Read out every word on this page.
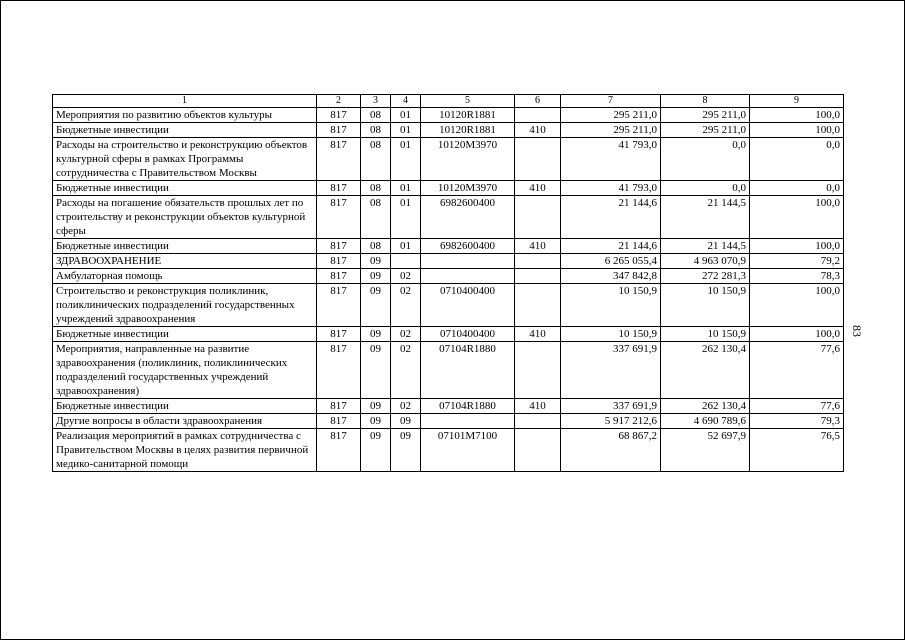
83
1	2	3	4	5	6	7	8	9
Мероприятия по развитию объектов культуры	817	08	01	10120R1881		295 211,0	295 211,0	100,0
Бюджетные инвестиции	817	08	01	10120R1881	410	295 211,0	295 211,0	100,0
Расходы на строительство и реконструкцию объектов культурной сферы в рамках Программы сотрудничества с Правительством Москвы	817	08	01	10120М3970		41 793,0	0,0	0,0
Бюджетные инвестиции	817	08	01	10120М3970	410	41 793,0	0,0	0,0
Расходы на погашение обязательств прошлых лет по строительству и реконструкции объектов культурной сферы	817	08	01	6982600400		21 144,6	21 144,5	100,0
Бюджетные инвестиции	817	08	01	6982600400	410	21 144,6	21 144,5	100,0
ЗДРАВООХРАНЕНИЕ	817	09				6 265 055,4	4 963 070,9	79,2
Амбулаторная помощь	817	09	02			347 842,8	272 281,3	78,3
Строительство и реконструкция поликлиник, поликлинических подразделений государственных учреждений здравоохранения	817	09	02	0710400400		10 150,9	10 150,9	100,0
Бюджетные инвестиции	817	09	02	0710400400	410	10 150,9	10 150,9	100,0
Мероприятия, направленные на развитие здравоохранения (поликлиник, поликлинических подразделений государственных учреждений здравоохранения)	817	09	02	07104R1880		337 691,9	262 130,4	77,6
Бюджетные инвестиции	817	09	02	07104R1880	410	337 691,9	262 130,4	77,6
Другие вопросы в области здравоохранения	817	09	09			5 917 212,6	4 690 789,6	79,3
Реализация мероприятий в рамках сотрудничества с Правительством Москвы в целях развития первичной медико-санитарной помощи	817	09	09	07101М7100		68 867,2	52 697,9	76,5
